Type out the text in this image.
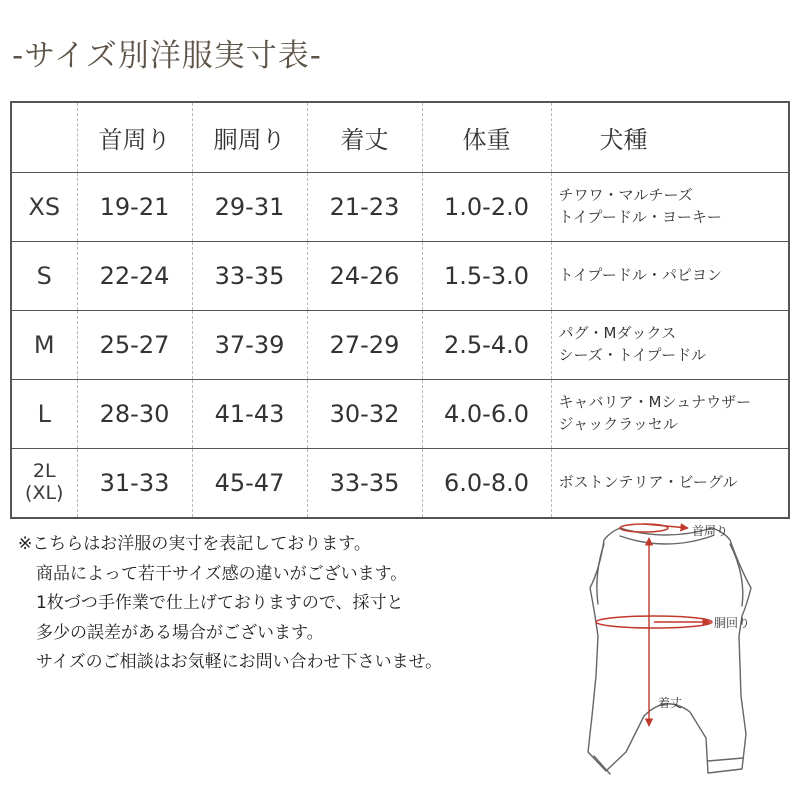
-サイズ別洋服実寸表-
	首周り	胴周り	着丈	体重	犬種
XS	19-21	29-31	21-23	1.0-2.0	チワワ・マルチーズ
トイプードル・ヨーキー

S	22-24	33-35	24-26	1.5-3.0	トイプードル・パピヨン

M	25-27	37-39	27-29	2.5-4.0	パグ・Mダックス
シーズ・トイプードル

L	28-30	41-43	30-32	4.0-6.0	キャバリア・Mシュナウザー
ジャックラッセル

2L
(XL)	31-33	45-47	33-35	6.0-8.0	ボストンテリア・ビーグル
※こちらはお洋服の実寸を表記しております。
商品によって若干サイズ感の違いがございます。
1枚づつ手作業で仕上げておりますので、採寸と
多少の誤差がある場合がございます。
サイズのご相談はお気軽にお問い合わせ下さいませ。
首周り
胴回り
着丈
